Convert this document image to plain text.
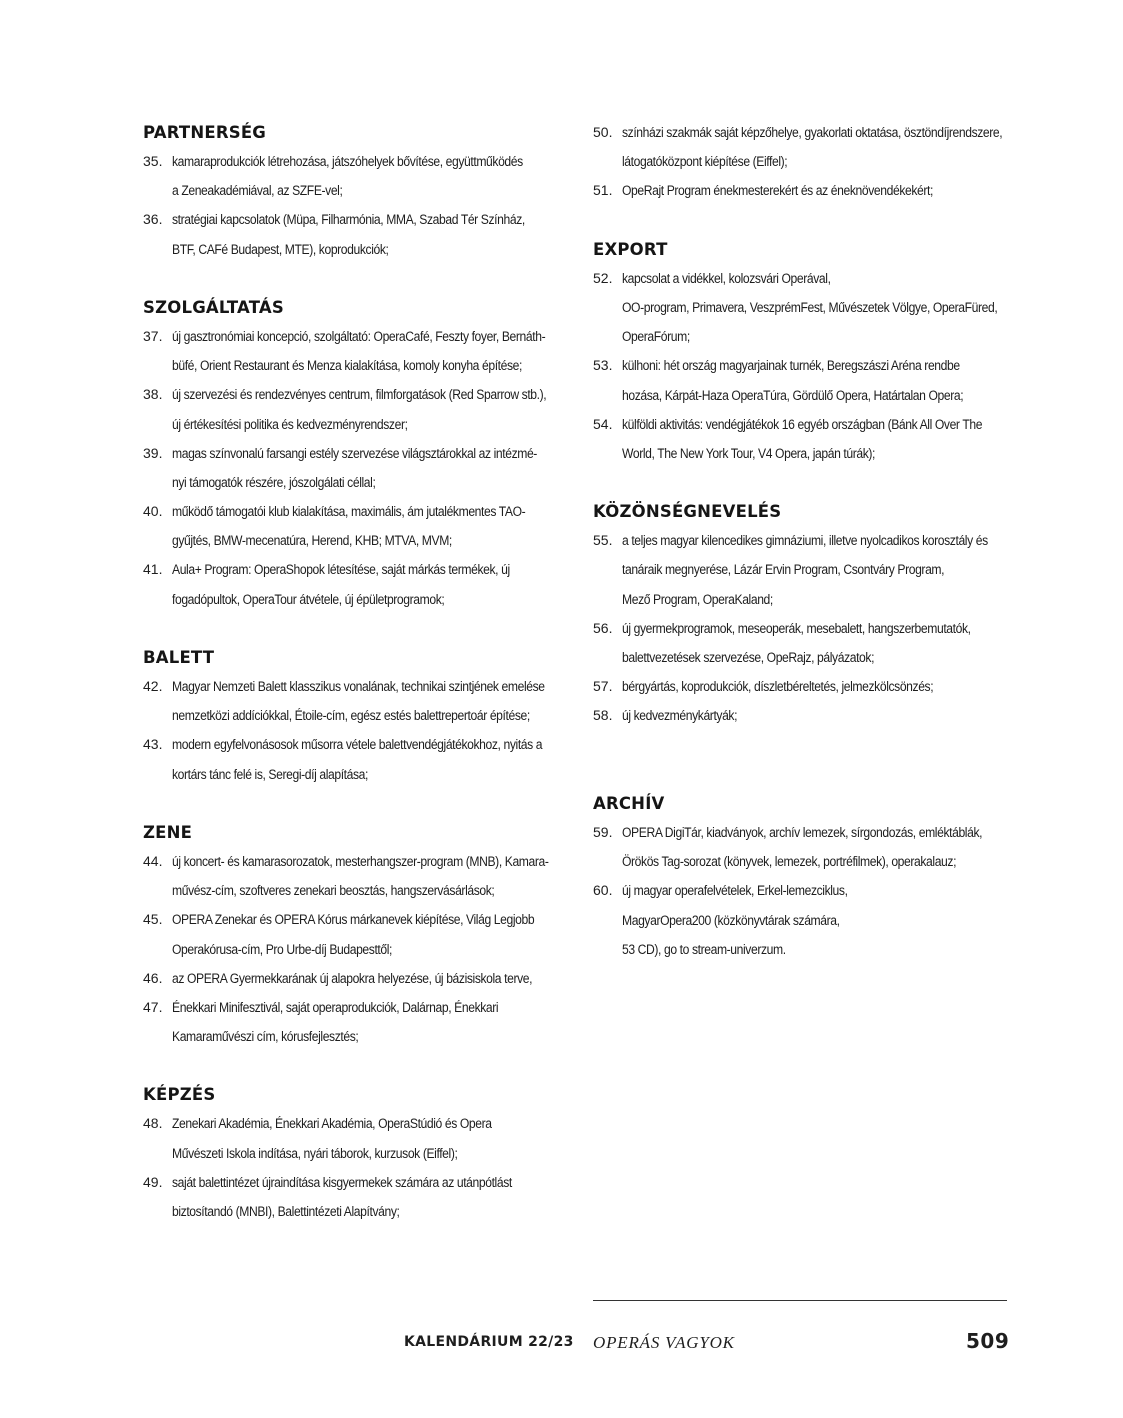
PARTNERSÉG
35. kamaraprodukciók létrehozása, játszóhelyek bővítése, együttműködés
a Zeneakadémiával, az SZFE-vel;
36. stratégiai kapcsolatok (Müpa, Filharmónia, MMA, Szabad Tér Színház,
BTF, CAFé Budapest, MTE), koprodukciók;
SZOLGÁLTATÁS
37. új gasztronómiai koncepció, szolgáltató: OperaCafé, Feszty foyer, Bernáth-
büfé, Orient Restaurant és Menza kialakítása, komoly konyha építése;
38. új szervezési és rendezvényes centrum, filmforgatások (Red Sparrow stb.),
új értékesítési politika és kedvezményrendszer;
39. magas színvonalú farsangi estély szervezése világsztárokkal az intézmé-
nyi támogatók részére, jószolgálati céllal;
40. működő támogatói klub kialakítása, maximális, ám jutalékmentes TAO-
gyűjtés, BMW-mecenatúra, Herend, KHB; MTVA, MVM;
41. Aula+ Program: OperaShopok létesítése, saját márkás termékek, új
fogadópultok, OperaTour átvétele, új épületprogramok;
BALETT
42. Magyar Nemzeti Balett klasszikus vonalának, technikai szintjének emelése
nemzetközi addíciókkal, Étoile-cím, egész estés balettrepertoár építése;
43. modern egyfelvonásosok műsorra vétele balettvendégjátékokhoz, nyitás a
kortárs tánc felé is, Seregi-díj alapítása;
ZENE
44. új koncert- és kamarasorozatok, mesterhangszer-program (MNB), Kamara-
művész-cím, szoftveres zenekari beosztás, hangszervásárlások;
45. OPERA Zenekar és OPERA Kórus márkanevek kiépítése, Világ Legjobb
Operakórusa-cím, Pro Urbe-díj Budapesttől;
46. az OPERA Gyermekkarának új alapokra helyezése, új bázisiskola terve,
47. Énekkari Minifesztivál, saját operaprodukciók, Dalárnap, Énekkari
Kamaraművészi cím, kórusfejlesztés;
KÉPZÉS
48. Zenekari Akadémia, Énekkari Akadémia, OperaStúdió és Opera
Művészeti Iskola indítása, nyári táborok, kurzusok (Eiffel);
49. saját balettintézet újraindítása kisgyermekek számára az utánpótlást
biztosítandó (MNBI), Balettintézeti Alapítvány;
50. színházi szakmák saját képzőhelye, gyakorlati oktatása, ösztöndíjrendszere,
látogatóközpont kiépítése (Eiffel);
51. OpeRajt Program énekmesterekért és az éneknövendékekért;
EXPORT
52. kapcsolat a vidékkel, kolozsvári Operával,
OO-program, Primavera, VeszprémFest, Művészetek Völgye, OperaFüred,
OperaFórum;
53. külhoni: hét ország magyarjainak turnék, Beregszászi Aréna rendbe
hozása, Kárpát-Haza OperaTúra, Gördülő Opera, Határtalan Opera;
54. külföldi aktivitás: vendégjátékok 16 egyéb országban (Bánk All Over The
World, The New York Tour, V4 Opera, japán túrák);
KÖZÖNSÉGNEVELÉS
55. a teljes magyar kilencedikes gimnáziumi, illetve nyolcadikos korosztály és
tanáraik megnyerése, Lázár Ervin Program, Csontváry Program,
Mező Program, OperaKaland;
56. új gyermekprogramok, meseoperák, mesebalett, hangszerbemutatók,
balettvezetések szervezése, OpeRajz, pályázatok;
57. bérgyártás, koprodukciók, díszletbéreltetés, jelmezkölcsönzés;
58. új kedvezménykártyák;
ARCHÍV
59. OPERA DigiTár, kiadványok, archív lemezek, sírgondozás, emléktáblák,
Örökös Tag-sorozat (könyvek, lemezek, portréfilmek), operakalauz;
60. új magyar operafelvételek, Erkel-lemezciklus,
MagyarOpera200 (közkönyvtárak számára,
53 CD), go to stream-univerzum.
KALENDÁRIUM 22/23 OPERÁS VAGYOK	509
